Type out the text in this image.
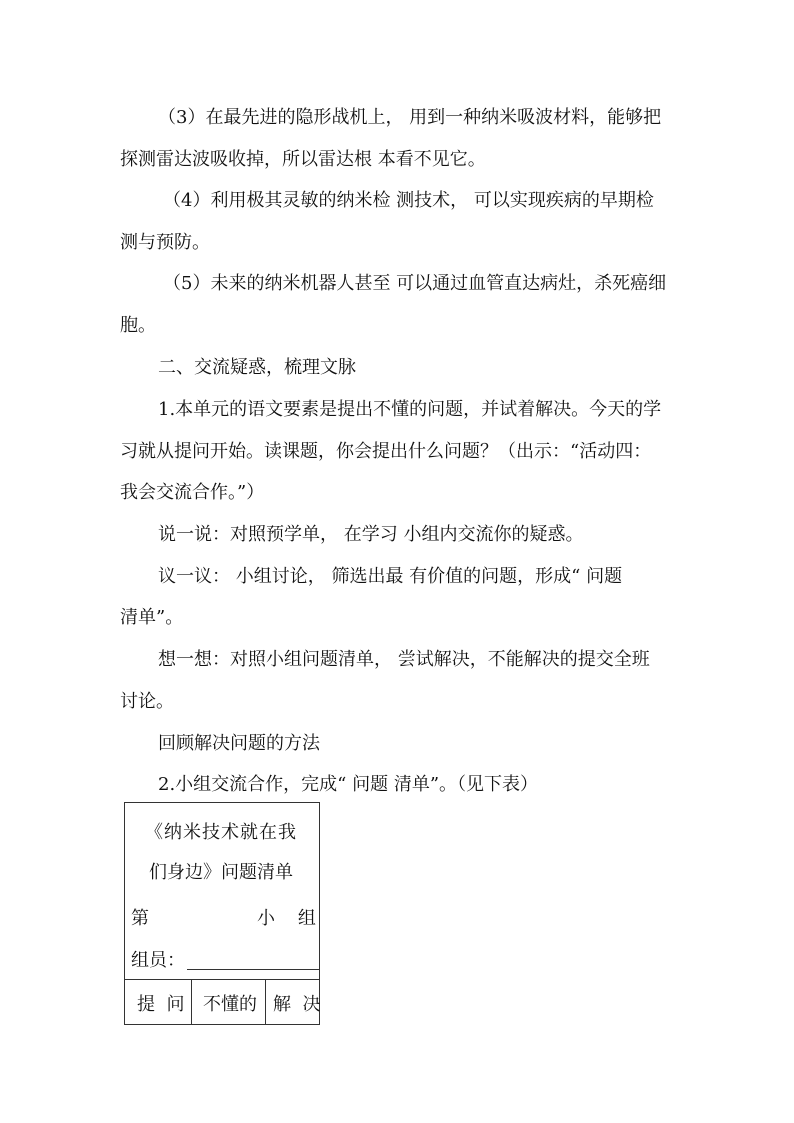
（3）在最先进的隐形战机上， 用到一种纳米吸波材料，能够把
探测雷达波吸收掉，所以雷达根 本看不见它。
（4）利用极其灵敏的纳米检 测技术， 可以实现疾病的早期检
测与预防。
（5）未来的纳米机器人甚至 可以通过血管直达病灶，杀死癌细
胞。
二、交流疑惑，梳理文脉
1.本单元的语文要素是提出不懂的问题，并试着解决。今天的学
习就从提问开始。读课题，你会提出什么问题？（出示：“活动四：
我会交流合作。”）
说一说：对照预学单， 在学习 小组内交流你的疑惑。
议一议： 小组讨论， 筛选出最 有价值的问题，形成“ 问题
清单”。
想一想：对照小组问题清单， 尝试解决，不能解决的提交全班
讨论。
回顾解决问题的方法
2.小组交流合作，完成“ 问题 清单”。（见下表）
《纳米技术就在我
们身边》问题清单
第	小    组
组员：
提  问 不懂的 解  决
